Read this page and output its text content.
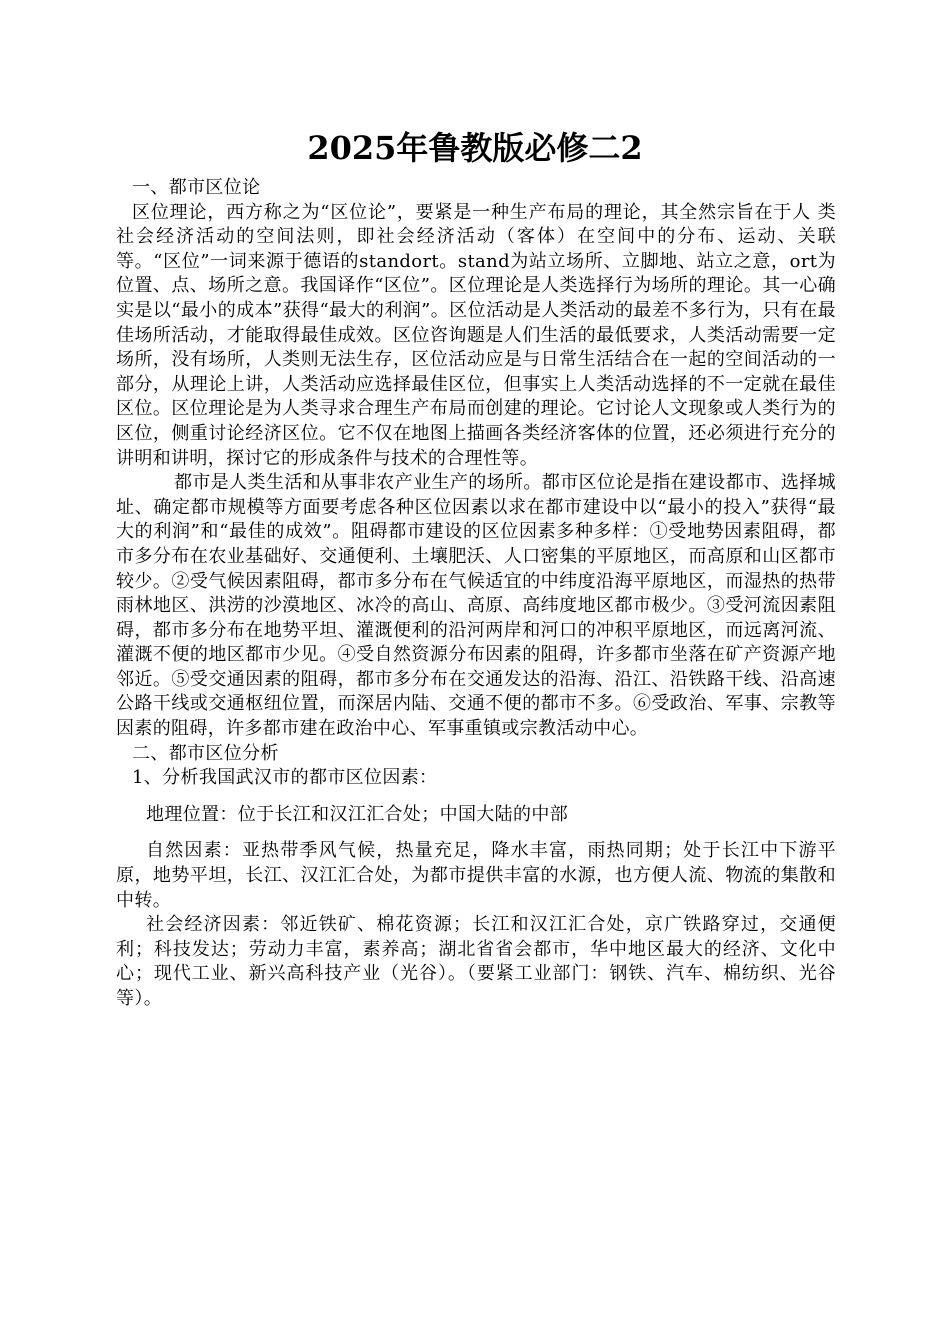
2025年鲁教版必修二2

一、都市区位论

区位理论，西方称之为“区位论”，要紧是一种生产布局的理论，其全然宗旨在于人 类社会经济活动的空间法则，即社会经济活动（客体）在空间中的分布、运动、关联等。“区位”一词来源于德语的standort。stand为站立场所、立脚地、站立之意，ort为位置、点、场所之意。我国译作“区位”。区位理论是人类选择行为场所的理论。其一心确实是以“最小的成本”获得“最大的利润”。区位活动是人类活动的最差不多行为，只有在最佳场所活动，才能取得最佳成效。区位咨询题是人们生活的最低要求，人类活动需要一定场所，没有场所，人类则无法生存，区位活动应是与日常生活结合在一起的空间活动的一部分，从理论上讲，人类活动应选择最佳区位，但事实上人类活动选择的不一定就在最佳区位。区位理论是为人类寻求合理生产布局而创建的理论。它讨论人文现象或人类行为的区位，侧重讨论经济区位。它不仅在地图上描画各类经济客体的位置，还必须进行充分的讲明和讲明，探讨它的形成条件与技术的合理性等。

都市是人类生活和从事非农产业生产的场所。都市区位论是指在建设都市、选择城址、确定都市规模等方面要考虑各种区位因素以求在都市建设中以“最小的投入”获得“最大的利润”和“最佳的成效”。阻碍都市建设的区位因素多种多样：①受地势因素阻碍，都市多分布在农业基础好、交通便利、土壤肥沃、人口密集的平原地区，而高原和山区都市较少。②受气候因素阻碍，都市多分布在气候适宜的中纬度沿海平原地区，而湿热的热带雨林地区、洪涝的沙漠地区、冰冷的高山、高原、高纬度地区都市极少。③受河流因素阻碍，都市多分布在地势平坦、灌溉便利的沿河两岸和河口的冲积平原地区，而远离河流、灌溉不便的地区都市少见。④受自然资源分布因素的阻碍，许多都市坐落在矿产资源产地邻近。⑤受交通因素的阻碍，都市多分布在交通发达的沿海、沿江、沿铁路干线、沿高速公路干线或交通枢纽位置，而深居内陆、交通不便的都市不多。⑥受政治、军事、宗教等因素的阻碍，许多都市建在政治中心、军事重镇或宗教活动中心。

二、都市区位分析

1、分析我国武汉市的都市区位因素：

地理位置：位于长江和汉江汇合处；中国大陆的中部

自然因素：亚热带季风气候，热量充足，降水丰富，雨热同期；处于长江中下游平原，地势平坦，长江、汉江汇合处，为都市提供丰富的水源，也方便人流、物流的集散和中转。

社会经济因素：邻近铁矿、棉花资源；长江和汉江汇合处，京广铁路穿过，交通便利；科技发达；劳动力丰富，素养高；湖北省省会都市，华中地区最大的经济、文化中心；现代工业、新兴高科技产业（光谷）。（要紧工业部门：钢铁、汽车、棉纺织、光谷等）。
